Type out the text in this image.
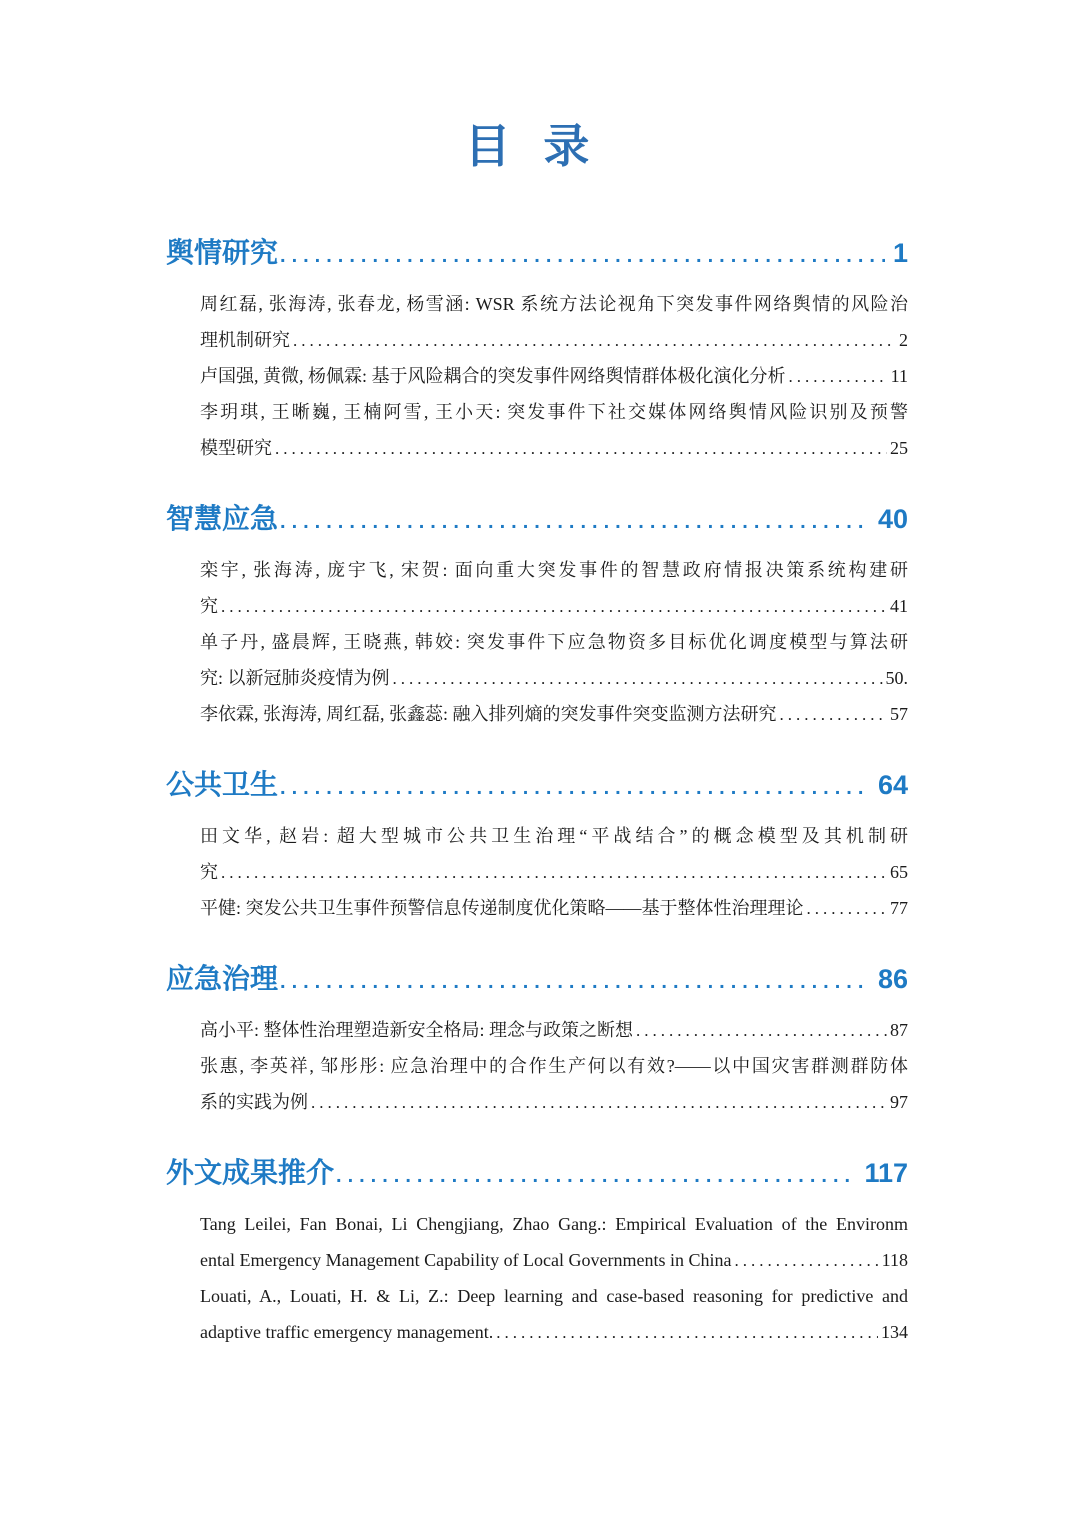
目 录
舆情研究 .....	1
周红磊, 张海涛, 张春龙, 杨雪涵: WSR 系统方法论视角下突发事件网络舆情的风险治
理机制研究 .....	2
卢国强, 黄微, 杨佩霖: 基于风险耦合的突发事件网络舆情群体极化演化分析 .....	11
李玥琪, 王晰巍, 王楠阿雪, 王小天: 突发事件下社交媒体网络舆情风险识别及预警
模型研究 .....	25
智慧应急 .....	40
栾宇, 张海涛, 庞宇飞, 宋贺: 面向重大突发事件的智慧政府情报决策系统构建研
究 .....	41
单子丹, 盛晨辉, 王晓燕, 韩姣: 突发事件下应急物资多目标优化调度模型与算法研
究: 以新冠肺炎疫情为例 .....	50.
李依霖, 张海涛, 周红磊, 张鑫蕊: 融入排列熵的突发事件突变监测方法研究 .....	57
公共卫生 .....	64
田文华, 赵岩: 超大型城市公共卫生治理“平战结合”的概念模型及其机制研
究 .....	65
平健: 突发公共卫生事件预警信息传递制度优化策略——基于整体性治理理论 .....	77
应急治理 .....	86
高小平: 整体性治理塑造新安全格局: 理念与政策之断想 .....	87
张惠, 李英祥, 邹彤彤: 应急治理中的合作生产何以有效?——以中国灾害群测群防体
系的实践为例 .....	97
外文成果推介 .....	117
Tang Leilei, Fan Bonai, Li Chengjiang, Zhao Gang.: Empirical Evaluation of the Environm
ental Emergency Management Capability of Local Governments in China .....	118
Louati, A., Louati, H. & Li, Z.: Deep learning and case-based reasoning for predictive and
adaptive traffic emergency management. .....	134
